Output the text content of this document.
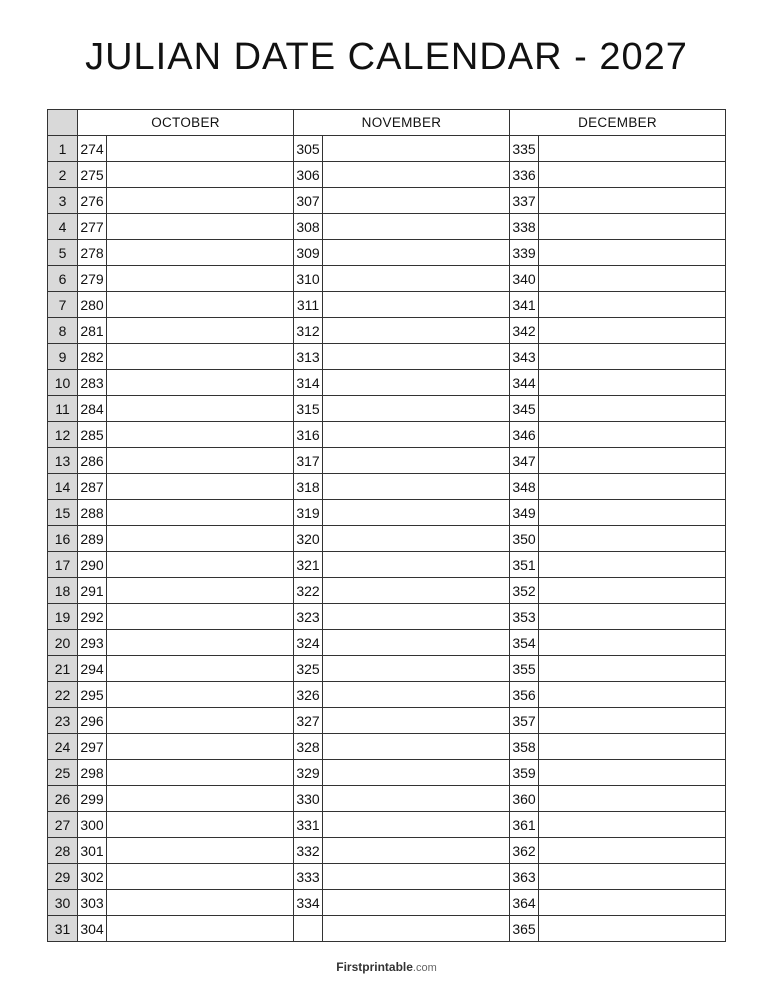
JULIAN DATE CALENDAR - 2027
	OCTOBER		NOVEMBER		DECEMBER	
1	274		305		335	
2	275		306		336	
3	276		307		337	
4	277		308		338	
5	278		309		339	
6	279		310		340	
7	280		311		341	
8	281		312		342	
9	282		313		343	
10	283		314		344	
11	284		315		345	
12	285		316		346	
13	286		317		347	
14	287		318		348	
15	288		319		349	
16	289		320		350	
17	290		321		351	
18	291		322		352	
19	292		323		353	
20	293		324		354	
21	294		325		355	
22	295		326		356	
23	296		327		357	
24	297		328		358	
25	298		329		359	
26	299		330		360	
27	300		331		361	
28	301		332		362	
29	302		333		363	
30	303		334		364	
31	304				365	
Firstprintable.com
